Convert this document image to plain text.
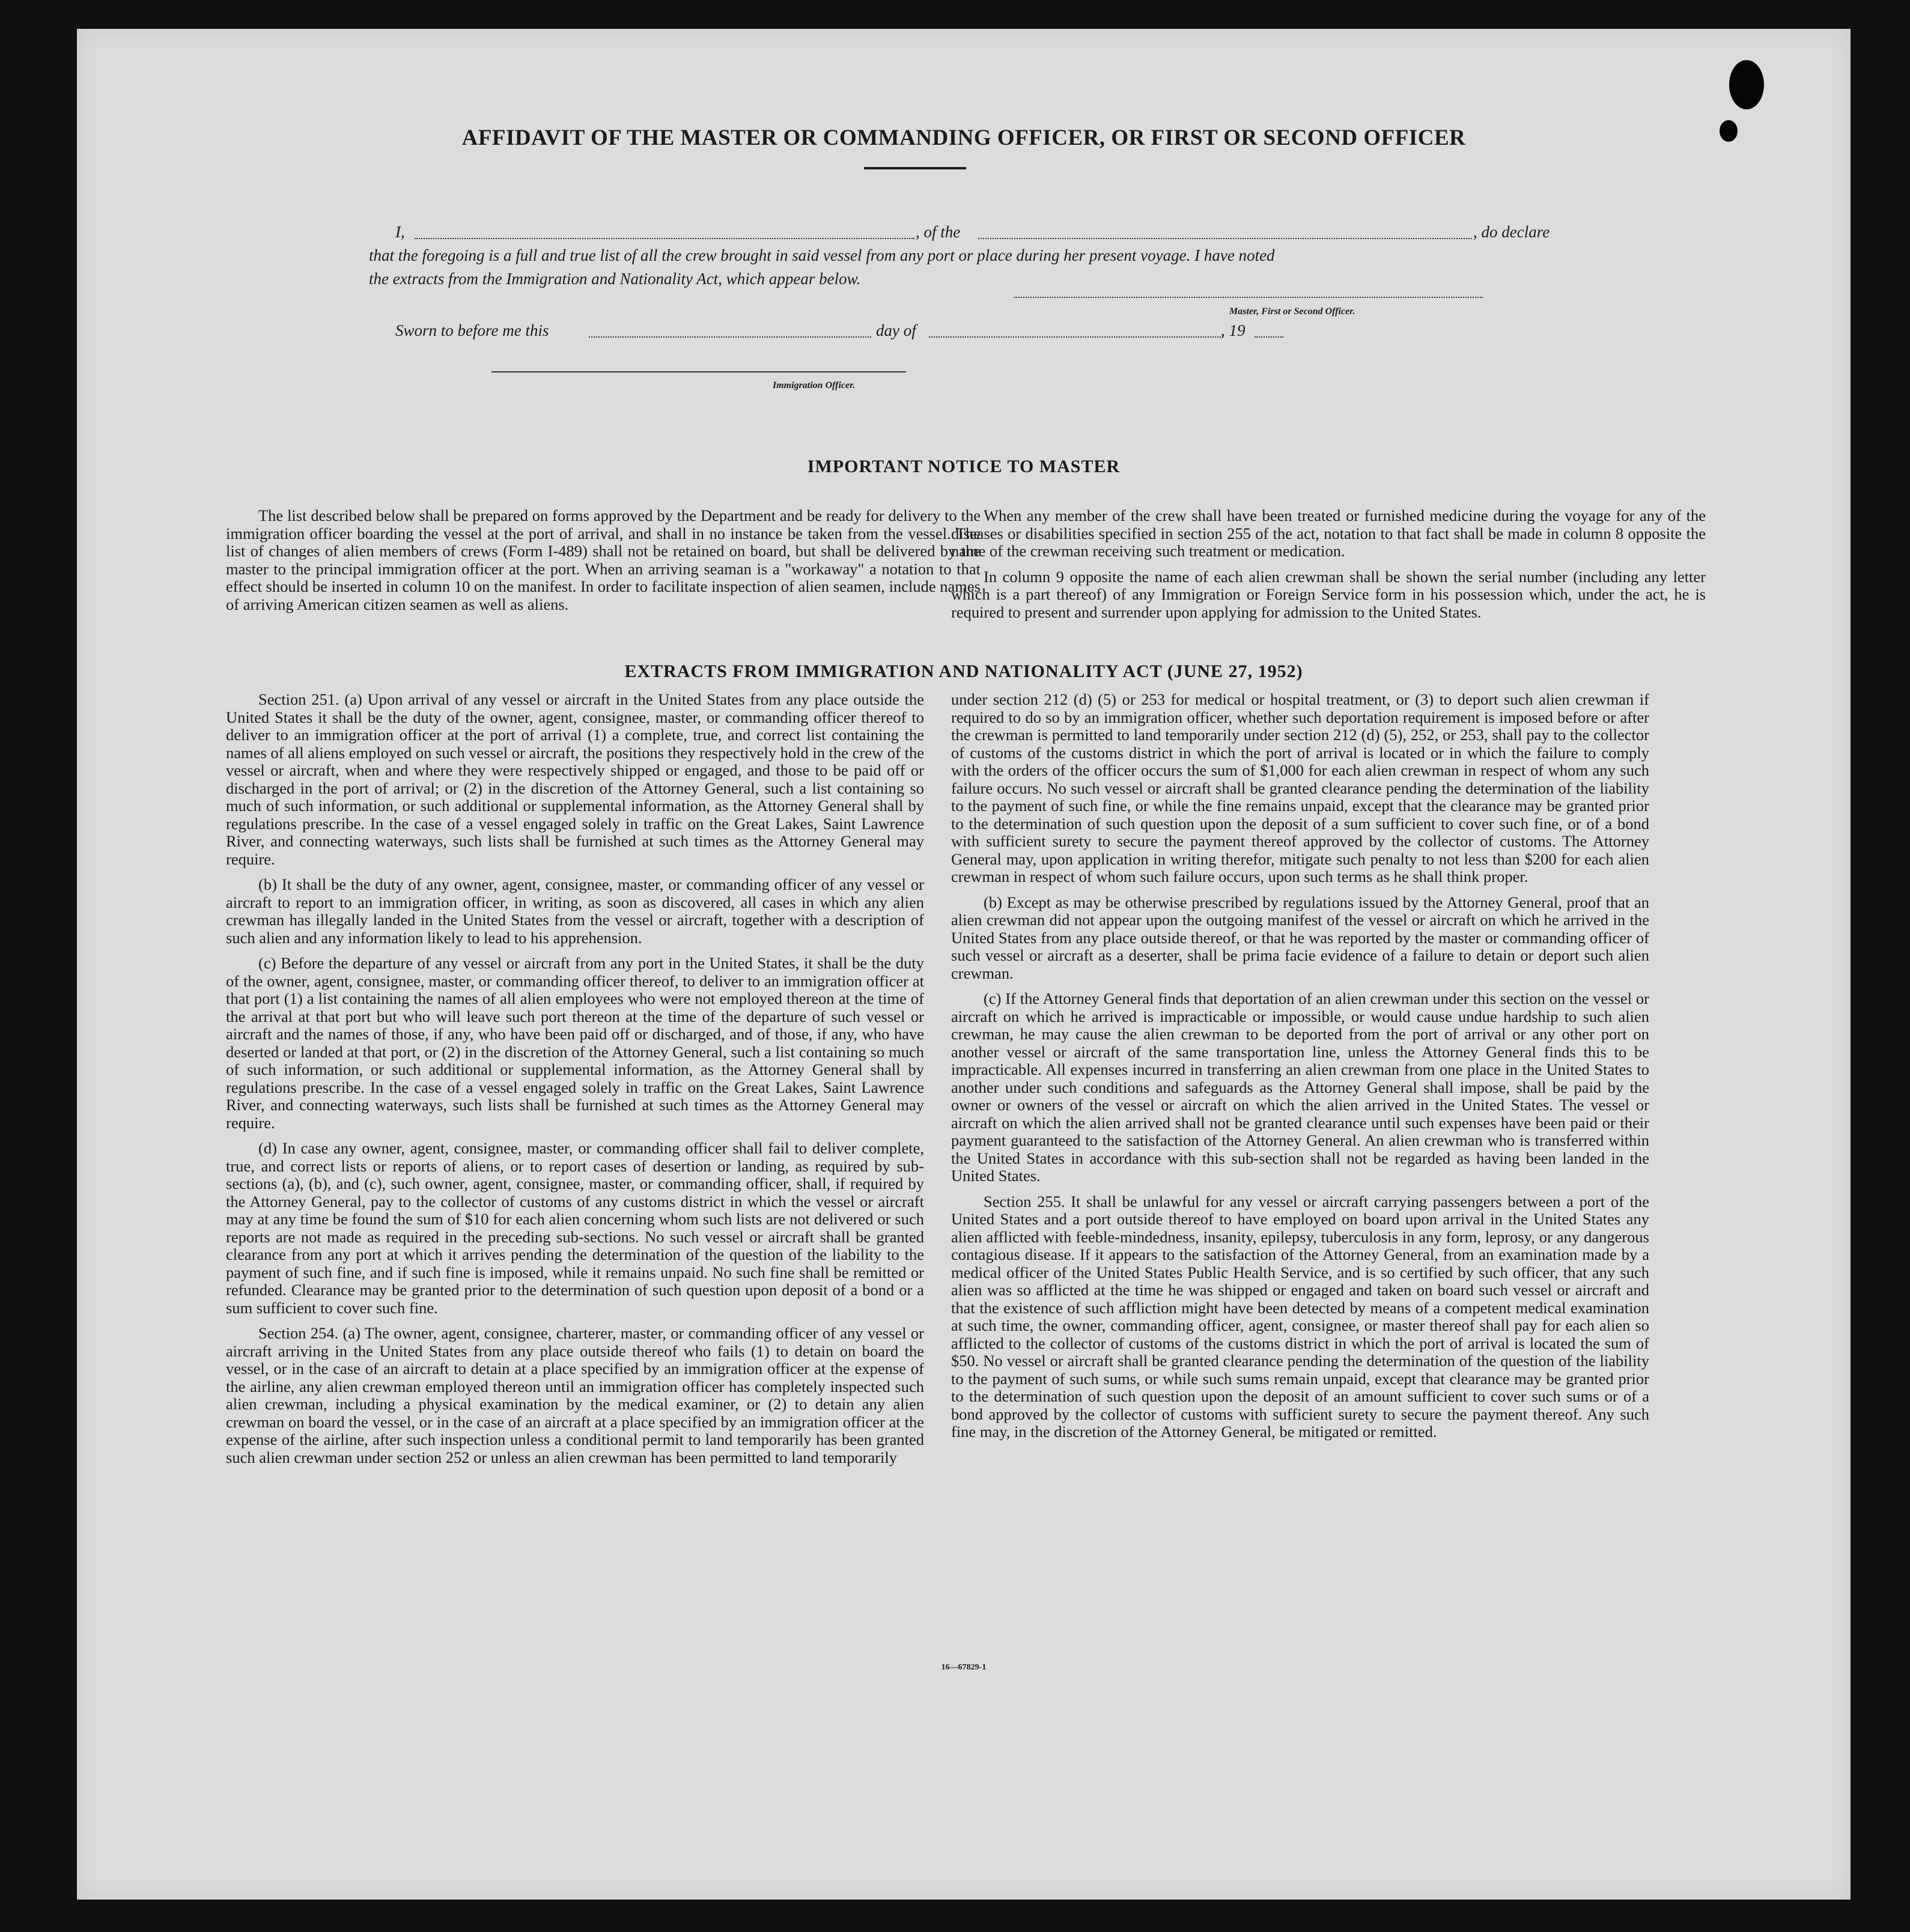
AFFIDAVIT OF THE MASTER OR COMMANDING OFFICER, OR FIRST OR SECOND OFFICER
I,	, of the	, do declare
that the foregoing is a full and true list of all the crew brought in said vessel from any port or place during her present voyage. I have noted
the extracts from the Immigration and Nationality Act, which appear below.
Master, First or Second Officer.
Sworn to before me this	day of	, 19
Immigration Officer.
IMPORTANT NOTICE TO MASTER

The list described below shall be prepared on forms approved by the Department and be ready for delivery to the immigration officer boarding the vessel at the port of arrival, and shall in no instance be taken from the vessel. The list of changes of alien members of crews (Form I-489) shall not be retained on board, but shall be delivered by the master to the principal immigration officer at the port. When an arriving seaman is a "workaway" a notation to that effect should be inserted in column 10 on the manifest. In order to facilitate inspection of alien seamen, include names of arriving American citizen seamen as well as aliens.

When any member of the crew shall have been treated or furnished medicine during the voyage for any of the diseases or disabilities specified in section 255 of the act, notation to that fact shall be made in column 8 opposite the name of the crewman receiving such treatment or medication.

In column 9 opposite the name of each alien crewman shall be shown the serial number (including any letter which is a part thereof) of any Immigration or Foreign Service form in his possession which, under the act, he is required to present and surrender upon applying for admission to the United States.

EXTRACTS FROM IMMIGRATION AND NATIONALITY ACT (JUNE 27, 1952)

Section 251. (a) Upon arrival of any vessel or aircraft in the United States from any place outside the United States it shall be the duty of the owner, agent, consignee, master, or commanding officer thereof to deliver to an immigration officer at the port of arrival (1) a complete, true, and correct list containing the names of all aliens employed on such vessel or aircraft, the positions they respectively hold in the crew of the vessel or aircraft, when and where they were respectively shipped or engaged, and those to be paid off or discharged in the port of arrival; or (2) in the discretion of the Attorney General, such a list containing so much of such information, or such additional or supplemental information, as the Attorney General shall by regulations prescribe. In the case of a vessel engaged solely in traffic on the Great Lakes, Saint Lawrence River, and connecting waterways, such lists shall be furnished at such times as the Attorney General may require.

(b) It shall be the duty of any owner, agent, consignee, master, or commanding officer of any vessel or aircraft to report to an immigration officer, in writing, as soon as discovered, all cases in which any alien crewman has illegally landed in the United States from the vessel or aircraft, together with a description of such alien and any information likely to lead to his apprehension.

(c) Before the departure of any vessel or aircraft from any port in the United States, it shall be the duty of the owner, agent, consignee, master, or commanding officer thereof, to deliver to an immigration officer at that port (1) a list containing the names of all alien employees who were not employed thereon at the time of the arrival at that port but who will leave such port thereon at the time of the departure of such vessel or aircraft and the names of those, if any, who have been paid off or discharged, and of those, if any, who have deserted or landed at that port, or (2) in the discretion of the Attorney General, such a list containing so much of such information, or such additional or supplemental information, as the Attorney General shall by regulations prescribe. In the case of a vessel engaged solely in traffic on the Great Lakes, Saint Lawrence River, and connecting waterways, such lists shall be furnished at such times as the Attorney General may require.

(d) In case any owner, agent, consignee, master, or commanding officer shall fail to deliver complete, true, and correct lists or reports of aliens, or to report cases of desertion or landing, as required by sub-sections (a), (b), and (c), such owner, agent, consignee, master, or commanding officer, shall, if required by the Attorney General, pay to the collector of customs of any customs district in which the vessel or aircraft may at any time be found the sum of $10 for each alien concerning whom such lists are not delivered or such reports are not made as required in the preceding sub-sections. No such vessel or aircraft shall be granted clearance from any port at which it arrives pending the determination of the question of the liability to the payment of such fine, and if such fine is imposed, while it remains unpaid. No such fine shall be remitted or refunded. Clearance may be granted prior to the determination of such question upon deposit of a bond or a sum sufficient to cover such fine.

Section 254. (a) The owner, agent, consignee, charterer, master, or commanding officer of any vessel or aircraft arriving in the United States from any place outside thereof who fails (1) to detain on board the vessel, or in the case of an aircraft to detain at a place specified by an immigration officer at the expense of the airline, any alien crewman employed thereon until an immigration officer has completely inspected such alien crewman, including a physical examination by the medical examiner, or (2) to detain any alien crewman on board the vessel, or in the case of an aircraft at a place specified by an immigration officer at the expense of the airline, after such inspection unless a conditional permit to land temporarily has been granted such alien crewman under section 252 or unless an alien crewman has been permitted to land temporarily

under section 212 (d) (5) or 253 for medical or hospital treatment, or (3) to deport such alien crewman if required to do so by an immigration officer, whether such deportation requirement is imposed before or after the crewman is permitted to land temporarily under section 212 (d) (5), 252, or 253, shall pay to the collector of customs of the customs district in which the port of arrival is located or in which the failure to comply with the orders of the officer occurs the sum of $1,000 for each alien crewman in respect of whom any such failure occurs. No such vessel or aircraft shall be granted clearance pending the determination of the liability to the payment of such fine, or while the fine remains unpaid, except that the clearance may be granted prior to the determination of such question upon the deposit of a sum sufficient to cover such fine, or of a bond with sufficient surety to secure the payment thereof approved by the collector of customs. The Attorney General may, upon application in writing therefor, mitigate such penalty to not less than $200 for each alien crewman in respect of whom such failure occurs, upon such terms as he shall think proper.

(b) Except as may be otherwise prescribed by regulations issued by the Attorney General, proof that an alien crewman did not appear upon the outgoing manifest of the vessel or aircraft on which he arrived in the United States from any place outside thereof, or that he was reported by the master or commanding officer of such vessel or aircraft as a deserter, shall be prima facie evidence of a failure to detain or deport such alien crewman.

(c) If the Attorney General finds that deportation of an alien crewman under this section on the vessel or aircraft on which he arrived is impracticable or impossible, or would cause undue hardship to such alien crewman, he may cause the alien crewman to be deported from the port of arrival or any other port on another vessel or aircraft of the same transportation line, unless the Attorney General finds this to be impracticable. All expenses incurred in transferring an alien crewman from one place in the United States to another under such conditions and safeguards as the Attorney General shall impose, shall be paid by the owner or owners of the vessel or aircraft on which the alien arrived in the United States. The vessel or aircraft on which the alien arrived shall not be granted clearance until such expenses have been paid or their payment guaranteed to the satisfaction of the Attorney General. An alien crewman who is transferred within the United States in accordance with this sub-section shall not be regarded as having been landed in the United States.

Section 255. It shall be unlawful for any vessel or aircraft carrying passengers between a port of the United States and a port outside thereof to have employed on board upon arrival in the United States any alien afflicted with feeble-mindedness, insanity, epilepsy, tuberculosis in any form, leprosy, or any dangerous contagious disease. If it appears to the satisfaction of the Attorney General, from an examination made by a medical officer of the United States Public Health Service, and is so certified by such officer, that any such alien was so afflicted at the time he was shipped or engaged and taken on board such vessel or aircraft and that the existence of such affliction might have been detected by means of a competent medical examination at such time, the owner, commanding officer, agent, consignee, or master thereof shall pay for each alien so afflicted to the collector of customs of the customs district in which the port of arrival is located the sum of $50. No vessel or aircraft shall be granted clearance pending the determination of the question of the liability to the payment of such sums, or while such sums remain unpaid, except that clearance may be granted prior to the determination of such question upon the deposit of an amount sufficient to cover such sums or of a bond approved by the collector of customs with sufficient surety to secure the payment thereof. Any such fine may, in the discretion of the Attorney General, be mitigated or remitted.

16—67829-1
